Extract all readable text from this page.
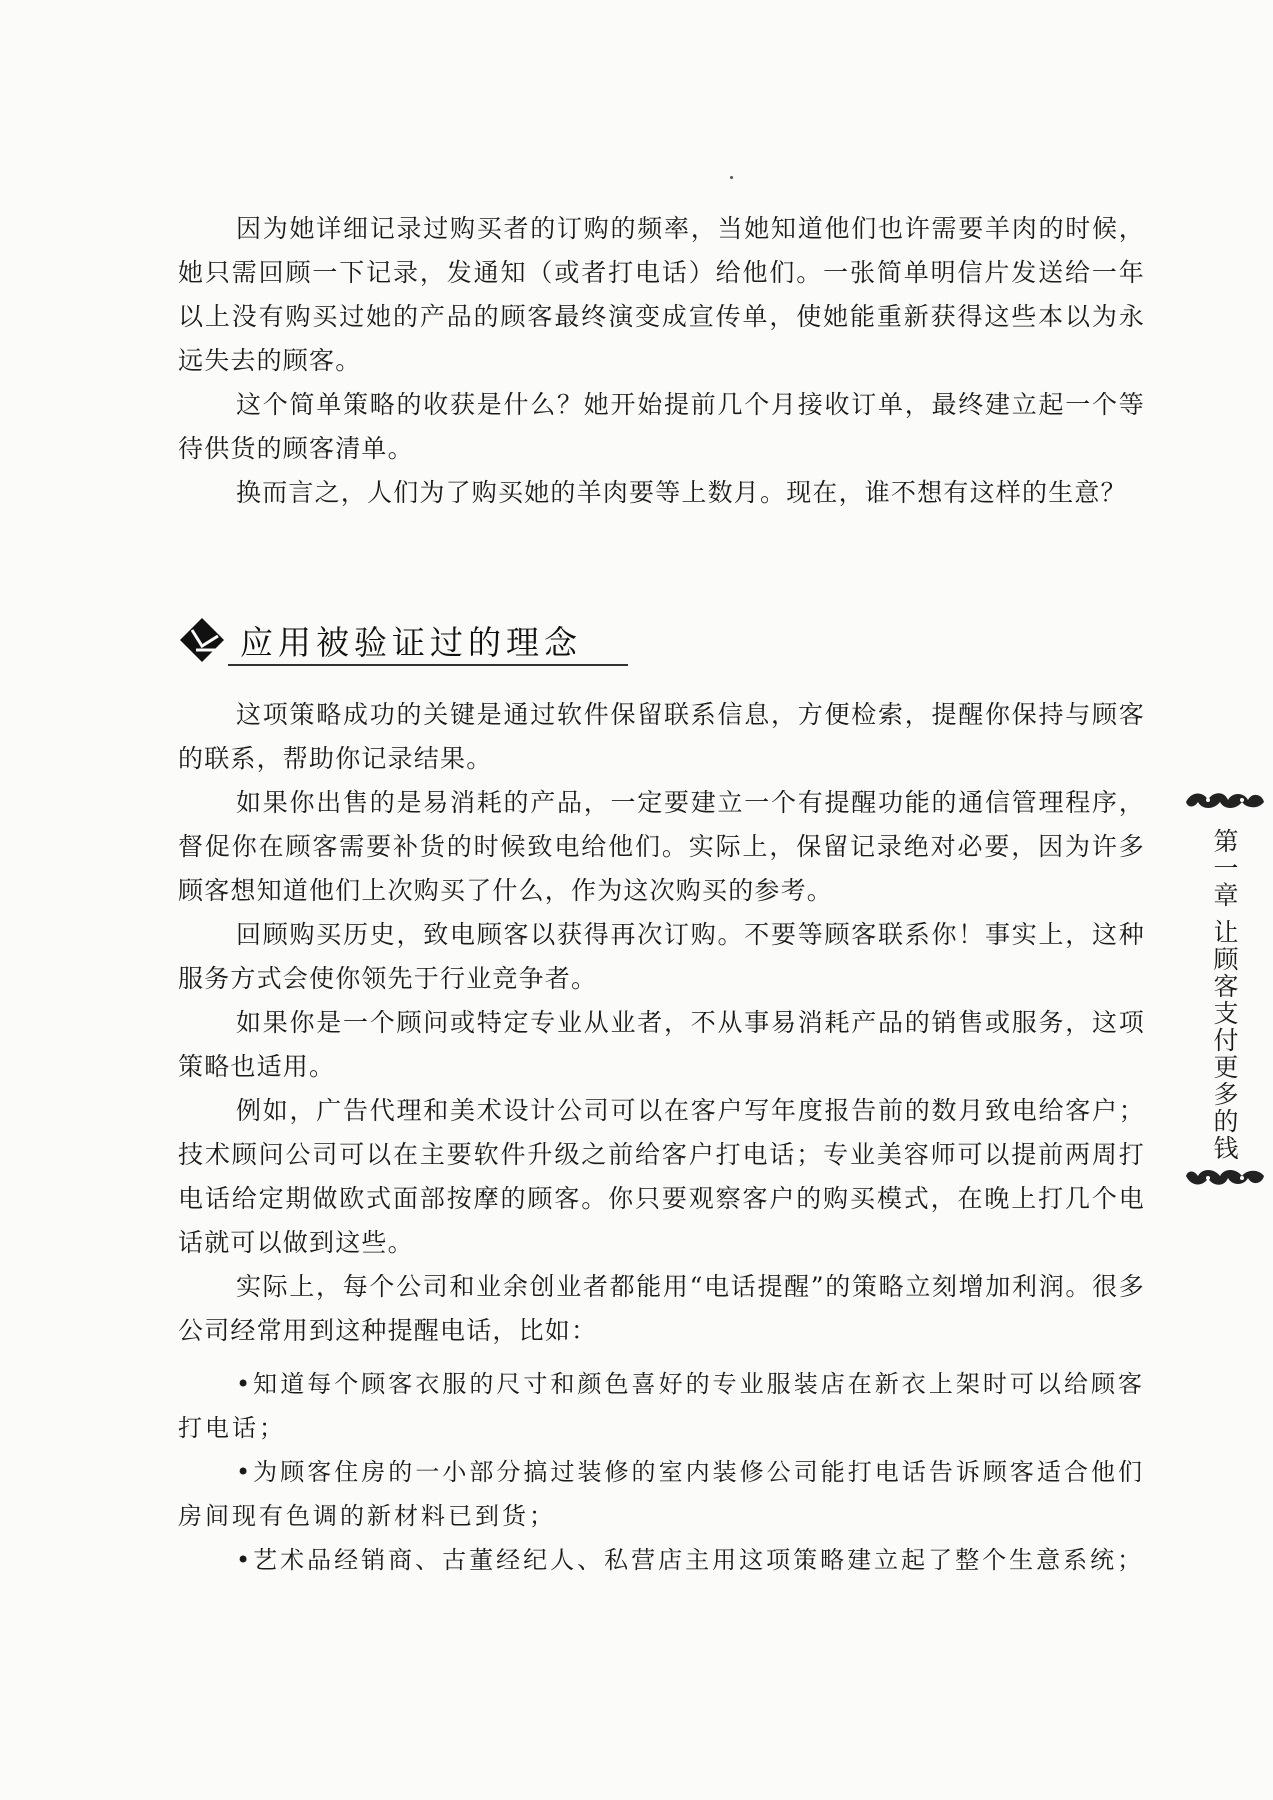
因为她详细记录过购买者的订购的频率，当她知道他们也许需要羊肉的时候，她只需回顾一下记录，发通知（或者打电话）给他们。一张简单明信片发送给一年以上没有购买过她的产品的顾客最终演变成宣传单，使她能重新获得这些本以为永远失去的顾客。

这个简单策略的收获是什么？她开始提前几个月接收订单，最终建立起一个等待供货的顾客清单。

换而言之，人们为了购买她的羊肉要等上数月。现在，谁不想有这样的生意？

应用被验证过的理念

这项策略成功的关键是通过软件保留联系信息，方便检索，提醒你保持与顾客的联系，帮助你记录结果。

如果你出售的是易消耗的产品，一定要建立一个有提醒功能的通信管理程序，督促你在顾客需要补货的时候致电给他们。实际上，保留记录绝对必要，因为许多顾客想知道他们上次购买了什么，作为这次购买的参考。

回顾购买历史，致电顾客以获得再次订购。不要等顾客联系你！事实上，这种服务方式会使你领先于行业竞争者。

如果你是一个顾问或特定专业从业者，不从事易消耗产品的销售或服务，这项策略也适用。

例如，广告代理和美术设计公司可以在客户写年度报告前的数月致电给客户；技术顾问公司可以在主要软件升级之前给客户打电话；专业美容师可以提前两周打电话给定期做欧式面部按摩的顾客。你只要观察客户的购买模式，在晚上打几个电话就可以做到这些。

实际上，每个公司和业余创业者都能用“电话提醒”的策略立刻增加利润。很多公司经常用到这种提醒电话，比如：

•知道每个顾客衣服的尺寸和颜色喜好的专业服装店在新衣上架时可以给顾客打电话；

•为顾客住房的一小部分搞过装修的室内装修公司能打电话告诉顾客适合他们房间现有色调的新材料已到货；

•艺术品经销商、古董经纪人、私营店主用这项策略建立起了整个生意系统；

第一章 让顾客支付更多的钱
